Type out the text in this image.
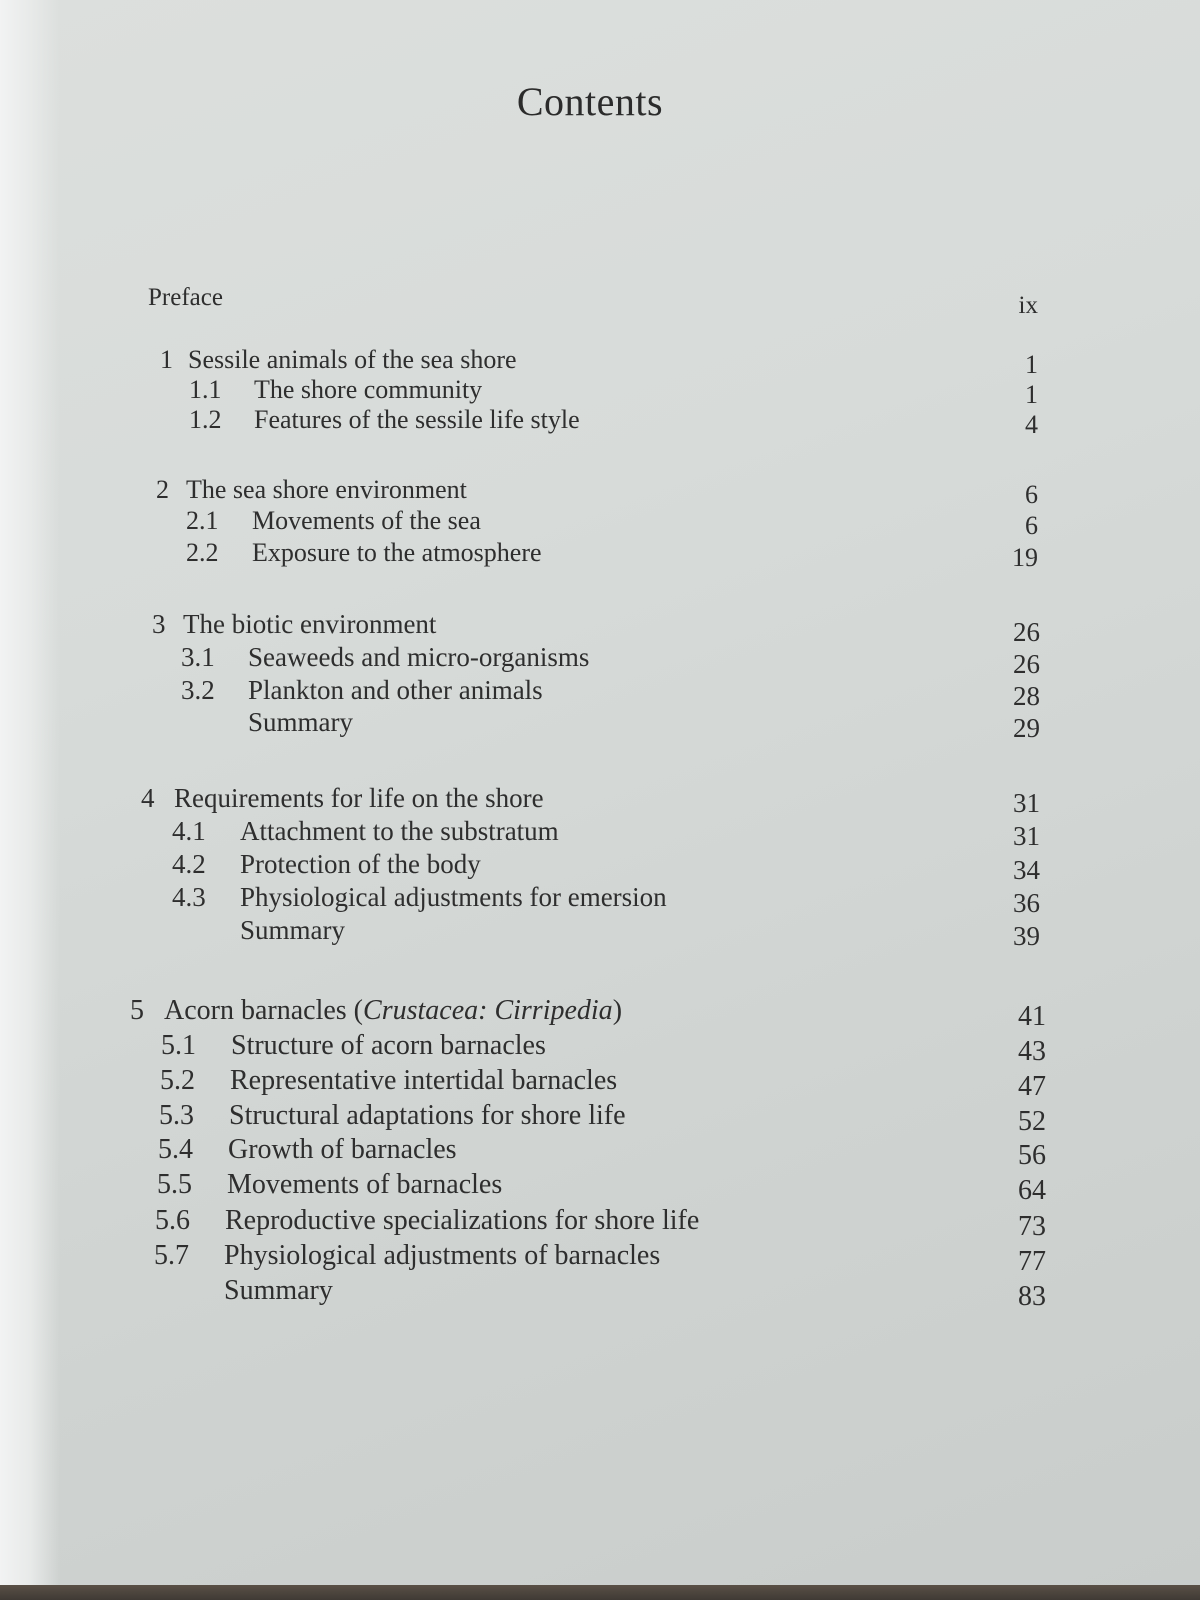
Contents
Preface	ix
1 Sessile animals of the sea shore	1
1.1 The shore community	1
1.2 Features of the sessile life style	4
2 The sea shore environment	6
2.1 Movements of the sea	6
2.2 Exposure to the atmosphere	19
3 The biotic environment	26
3.1 Seaweeds and micro-organisms	26
3.2 Plankton and other animals	28
Summary	29
4 Requirements for life on the shore	31
4.1 Attachment to the substratum	31
4.2 Protection of the body	34
4.3 Physiological adjustments for emersion	36
Summary	39
5 Acorn barnacles (Crustacea: Cirripedia)	41
5.1 Structure of acorn barnacles	43
5.2 Representative intertidal barnacles	47
5.3 Structural adaptations for shore life	52
5.4 Growth of barnacles	56
5.5 Movements of barnacles	64
5.6 Reproductive specializations for shore life	73
5.7 Physiological adjustments of barnacles	77
Summary	83
